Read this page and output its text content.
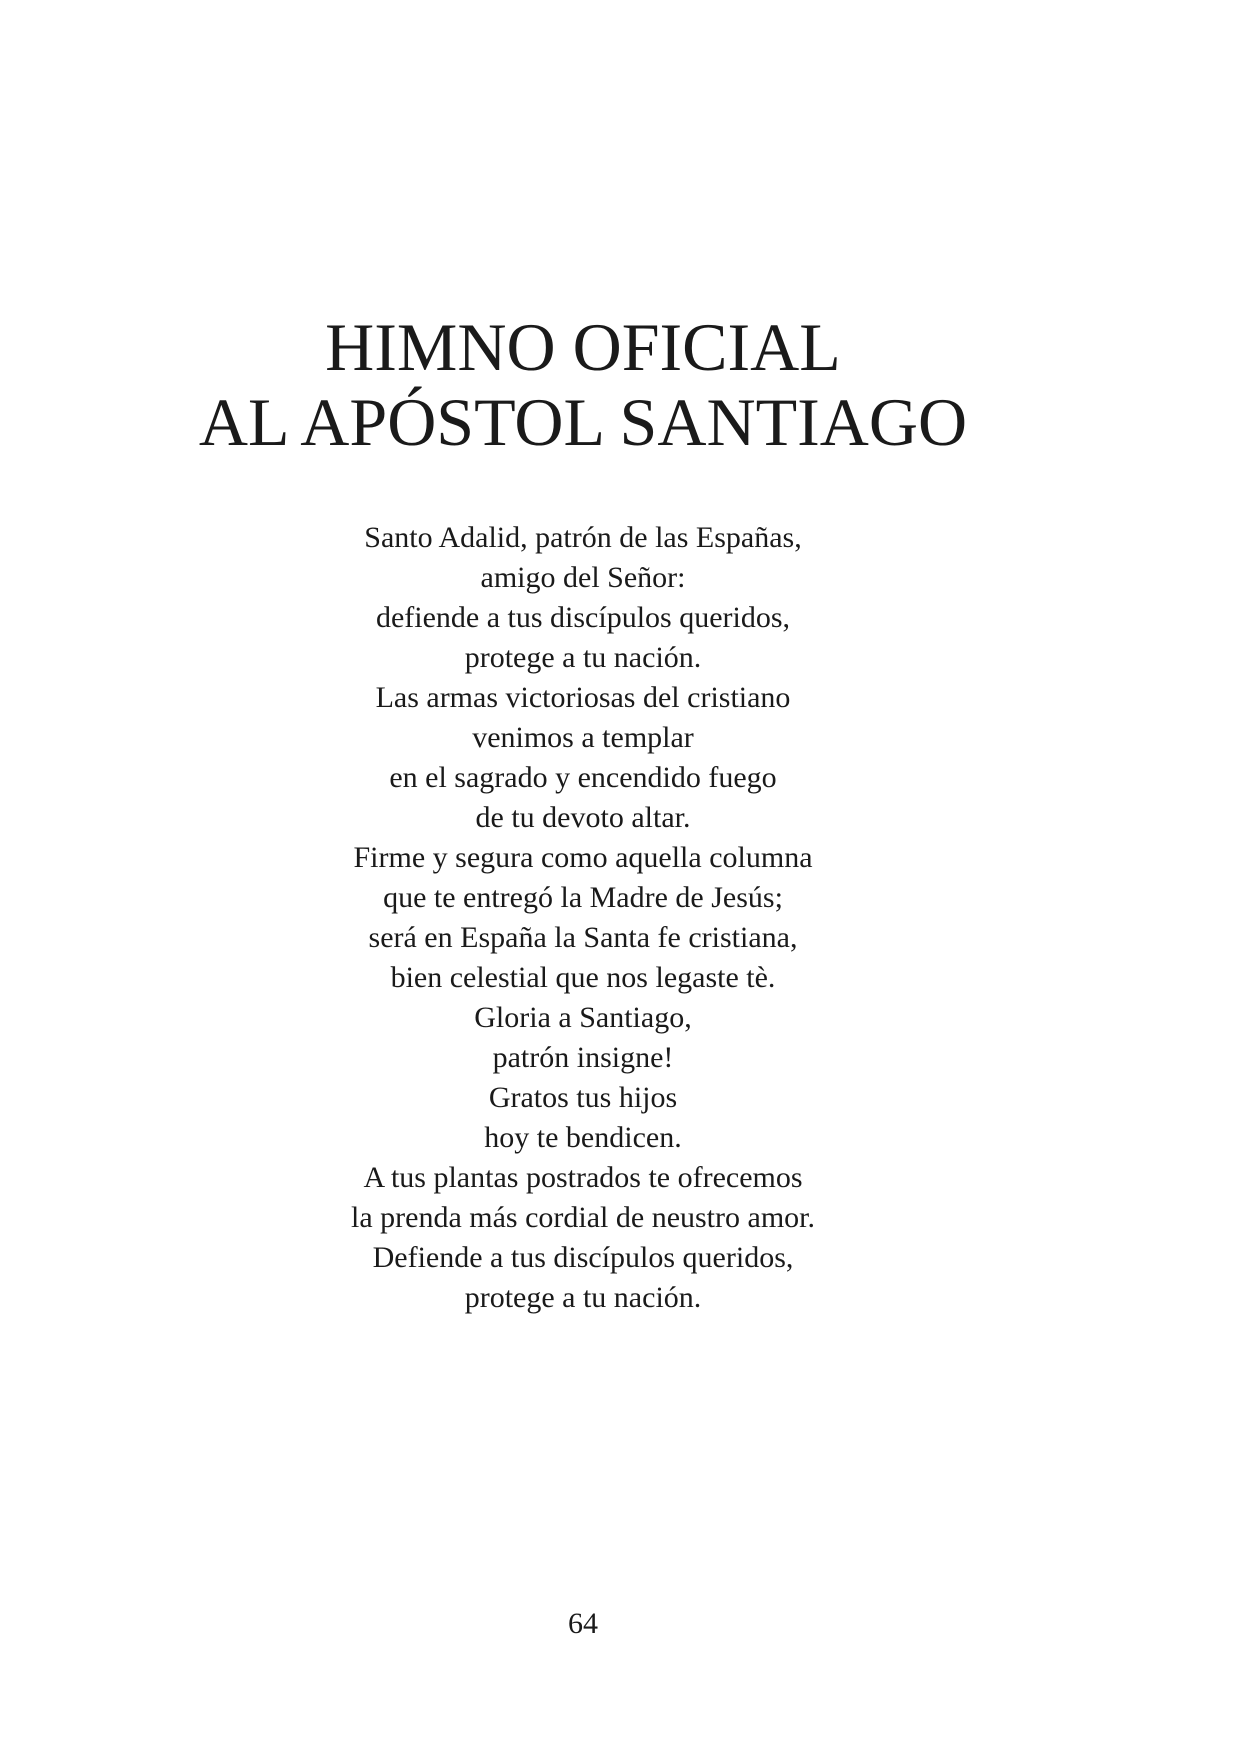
HIMNO OFICIAL
AL APÓSTOL SANTIAGO
Santo Adalid, patrón de las Españas,
amigo del Señor:
defiende a tus discípulos queridos,
protege a tu nación.
Las armas victoriosas del cristiano
venimos a templar
en el sagrado y encendido fuego
de tu devoto altar.
Firme y segura como aquella columna
que te entregó la Madre de Jesús;
será en España la Santa fe cristiana,
bien celestial que nos legaste tè.
Gloria a Santiago,
patrón insigne!
Gratos tus hijos
hoy te bendicen.
A tus plantas postrados te ofrecemos
la prenda más cordial de neustro amor.
Defiende a tus discípulos queridos,
protege a tu nación.
64
